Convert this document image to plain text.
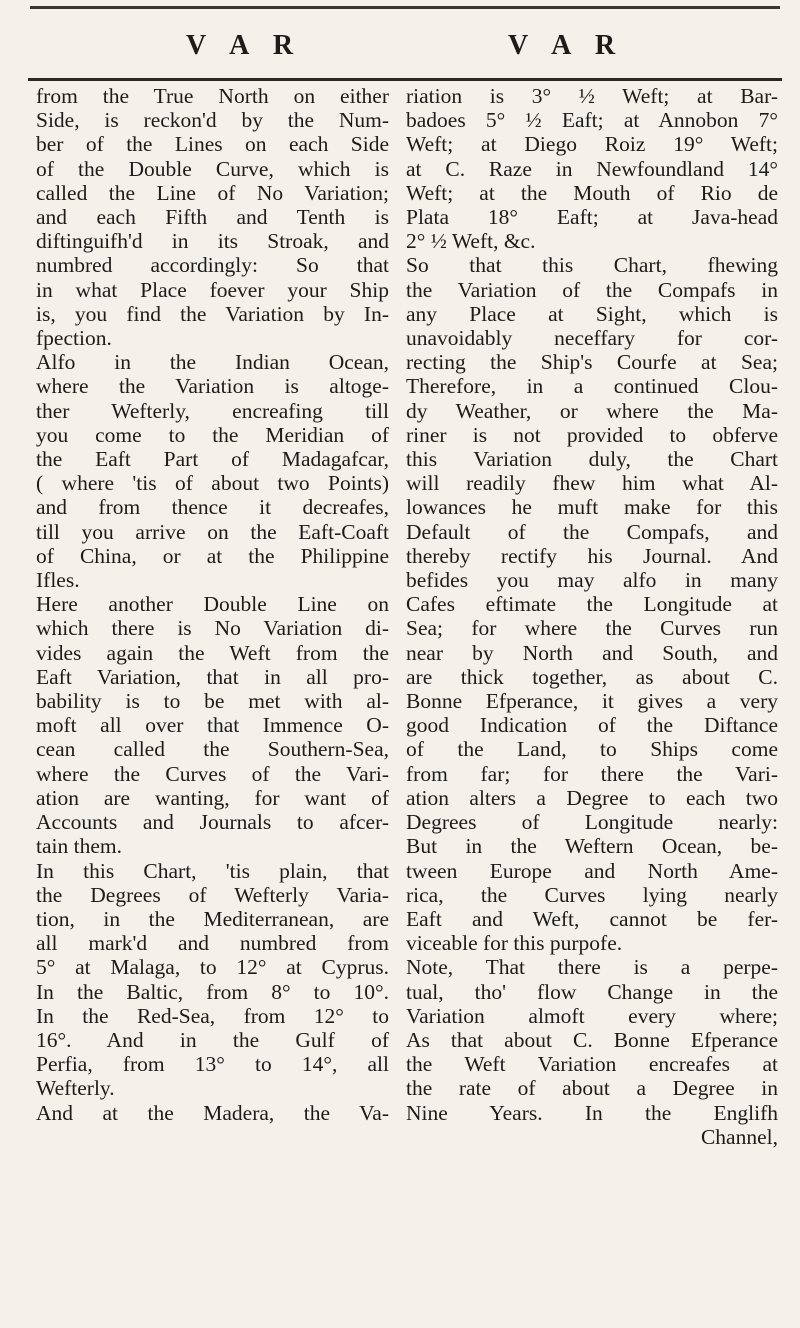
V A R	V A R
from the True North on either
Side, is reckon'd by the Num-
ber of the Lines on each Side
of the Double Curve, which is
called the Line of No Variation;
and each Fifth and Tenth is
diftinguifh'd in its Stroak, and
numbred accordingly: So that
in what Place foever your Ship
is, you find the Variation by In-
fpection.
Alfo in the Indian Ocean,
where the Variation is altoge-
ther Wefterly, encreafing till
you come to the Meridian of
the Eaft Part of Madagafcar,
( where 'tis of about two Points)
and from thence it decreafes,
till you arrive on the Eaft-Coaft
of China, or at the Philippine
Ifles.
Here another Double Line on
which there is No Variation di-
vides again the Weft from the
Eaft Variation, that in all pro-
bability is to be met with al-
moft all over that Immence O-
cean called the Southern-Sea,
where the Curves of the Vari-
ation are wanting, for want of
Accounts and Journals to afcer-
tain them.
In this Chart, 'tis plain, that
the Degrees of Wefterly Varia-
tion, in the Mediterranean, are
all mark'd and numbred from
5° at Malaga, to 12° at Cyprus.
In the Baltic, from 8° to 10°.
In the Red-Sea, from 12° to
16°. And in the Gulf of
Perfia, from 13° to 14°, all
Wefterly.
And at the Madera, the Va-
riation is 3° ½ Weft; at Bar-
badoes 5° ½ Eaft; at Annobon 7°
Weft; at Diego Roiz 19° Weft;
at C. Raze in Newfoundland 14°
Weft; at the Mouth of Rio de
Plata 18° Eaft; at Java-head
2° ½ Weft, &c.
So that this Chart, fhewing
the Variation of the Compafs in
any Place at Sight, which is
unavoidably neceffary for cor-
recting the Ship's Courfe at Sea;
Therefore, in a continued Clou-
dy Weather, or where the Ma-
riner is not provided to obferve
this Variation duly, the Chart
will readily fhew him what Al-
lowances he muft make for this
Default of the Compafs, and
thereby rectify his Journal. And
befides you may alfo in many
Cafes eftimate the Longitude at
Sea; for where the Curves run
near by North and South, and
are thick together, as about C.
Bonne Efperance, it gives a very
good Indication of the Diftance
of the Land, to Ships come
from far; for there the Vari-
ation alters a Degree to each two
Degrees of Longitude nearly:
But in the Weftern Ocean, be-
tween Europe and North Ame-
rica, the Curves lying nearly
Eaft and Weft, cannot be fer-
viceable for this purpofe.
Note, That there is a perpe-
tual, tho' flow Change in the
Variation almoft every where;
As that about C. Bonne Efperance
the Weft Variation encreafes at
the rate of about a Degree in
Nine Years. In the Englifh
Channel,
